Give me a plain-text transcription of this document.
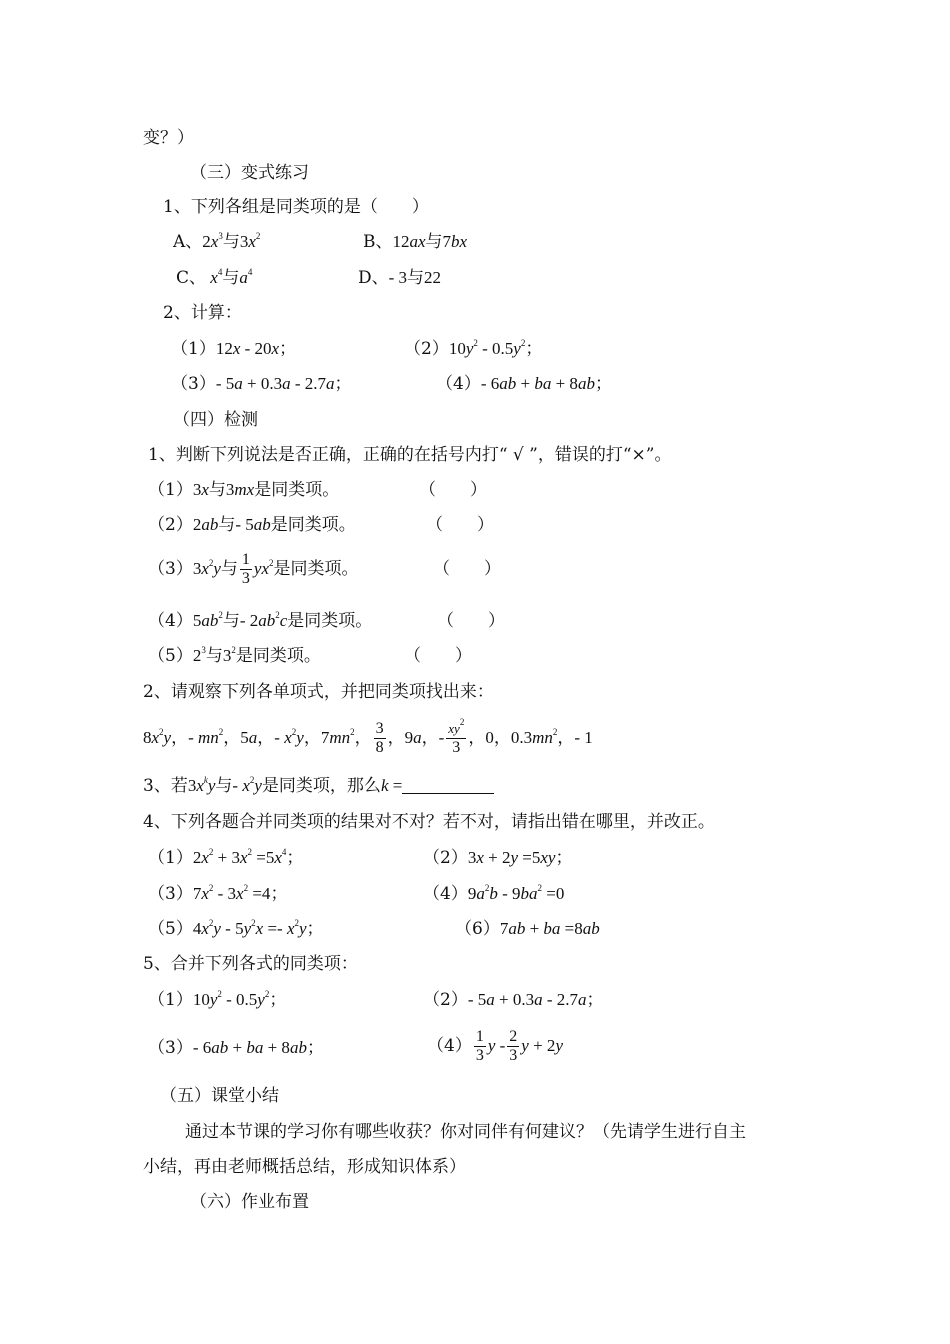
变？）
（三）变式练习
1、下列各组是同类项的是（　　）
A、$2x^3$与$3x^2$	B、12ax与7bx
C、 $x^4$与$a^4$	D、- 3与22
2、计算：
（1）12x - 20x；	$(2)10y^2 - 0.5y^2$；
（3）- 5a + 0.3a - 2.7a；	（4）- 6ab + ba + 8ab；
（四）检测
1、判断下列说法是否正确，正确的在括号内打“ √ ”，错误的打“×”。
（1）3x与3mx是同类项。	（　　）
（2）2ab与- 5ab是同类项。	（　　）
$(3)3x^2y$与 $\frac{1}{3} yx^2$是同类项。	（　　）
$(4)5ab^2$与- $2ab^2c$是同类项。	（　　）
$(5)2^3$与$3^2$是同类项。	（　　）
2、请观察下列各单项式，并把同类项找出来：
$8x^2y$，- $mn^2$，5a，- $x^2y$，$7mn^2$， $\frac{3}{8}$ ，9a，- $\frac{xy^2}{3}$ ，0，$0.3mn^2$，- 1
3、若$3x^ky$与- $x^2y$是同类项，那么k =
4、下列各题合并同类项的结果对不对？若不对，请指出错在哪里，并改正。
$(1)2x^2 + 3x^2 =5x^4$；	（2）3x + 2y =5xy；
$(3)7x^2 - 3x^2 =4$；	$(4)9a^2b - 9ba^2 =0$
$(5)4x^2y - 5y^2x =- x^2y$；	（6）7ab + ba =8ab
5、合并下列各式的同类项：
$(1)10y^2 - 0.5y^2$；	（2）- 5a + 0.3a - 2.7a；
（3）- 6ab + ba + 8ab；	$(4) \frac{1}{3}$ y - $\frac{2}{3}$ y + 2y
（五）课堂小结
通过本节课的学习你有哪些收获？你对同伴有何建议？（先请学生进行自主
小结，再由老师概括总结，形成知识体系）
（六）作业布置
